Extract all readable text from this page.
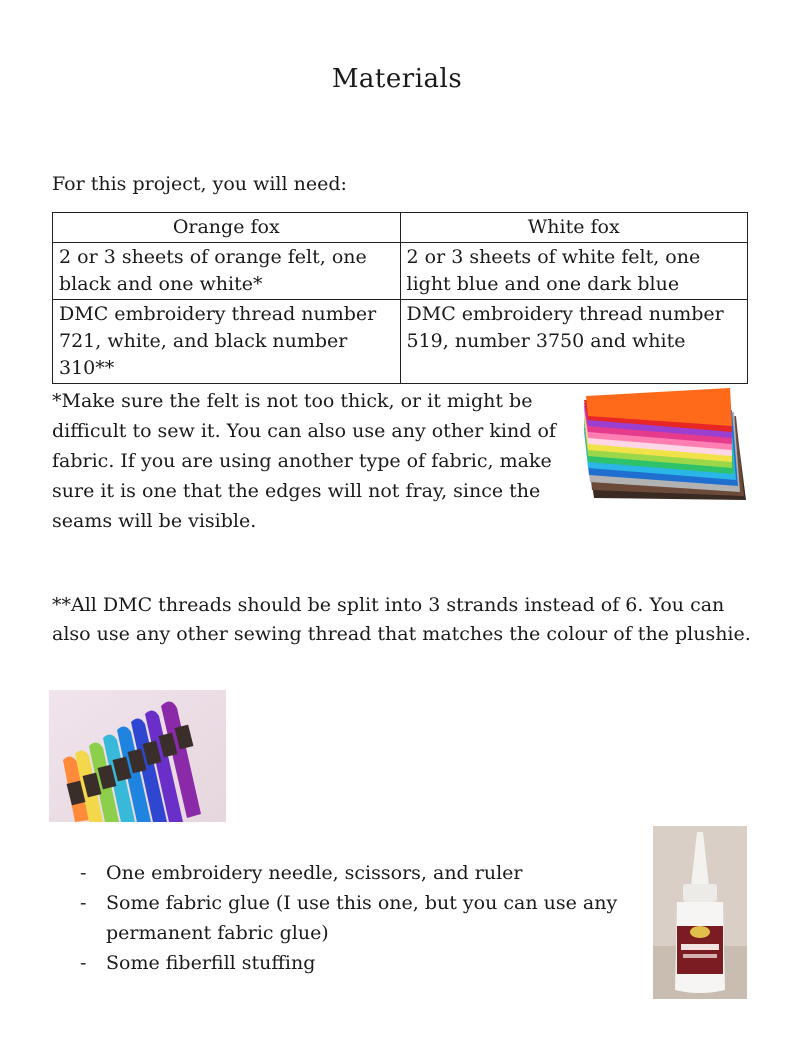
Materials
For this project, you will need:
Orange fox	White fox
2 or 3 sheets of orange felt, one black and one white*	2 or 3 sheets of white felt, one light blue and one dark blue
DMC embroidery thread number 721, white, and black number 310**	DMC embroidery thread number 519, number 3750 and white
*Make sure the felt is not too thick, or it might be difficult to sew it. You can also use any other kind of fabric. If you are using another type of fabric, make sure it is one that the edges will not fray, since the seams will be visible.
**All DMC threads should be split into 3 strands instead of 6. You can also use any other sewing thread that matches the colour of the plushie.
- One embroidery needle, scissors, and ruler
- Some fabric glue (I use this one, but you can use any permanent fabric glue)
- Some fiberfill stuffing
